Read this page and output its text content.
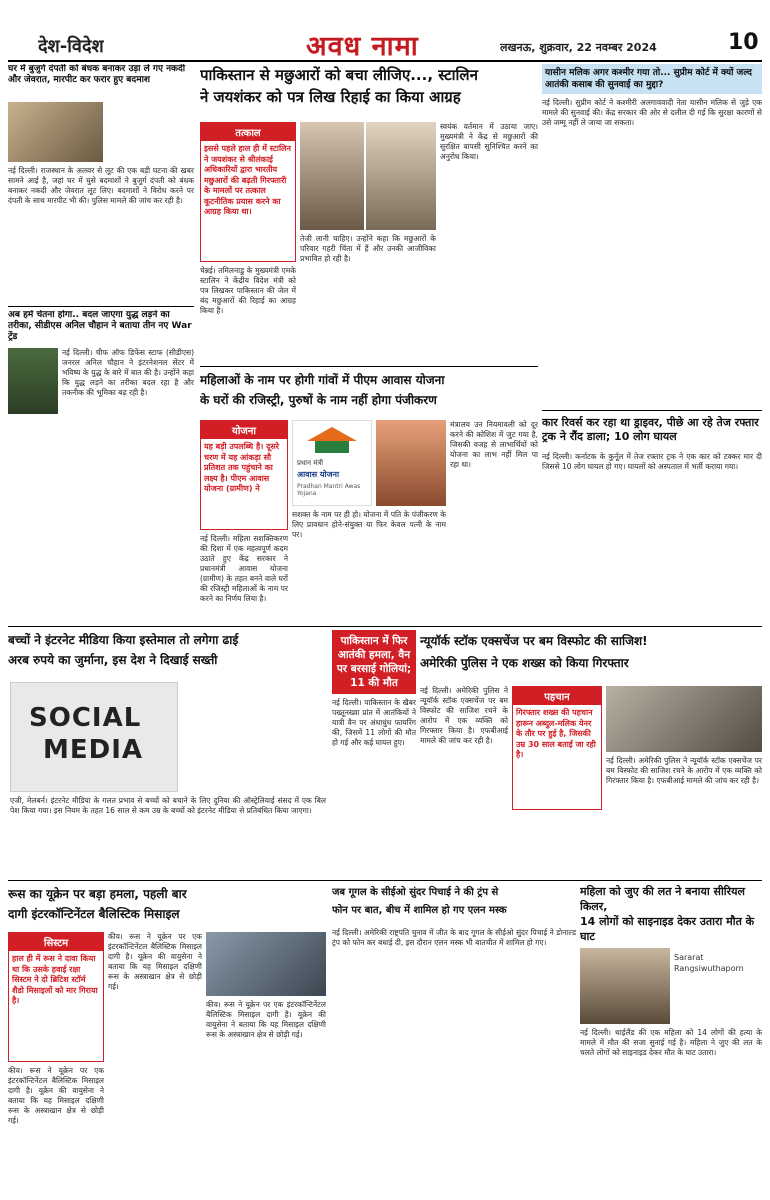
देश-विदेश	अवध नामा	लखनऊ, शुक्रवार, 22 नवम्बर 2024	10
घर में बुजुर्ग दंपती को बंधक बनाकर उड़ा ले गए नकदी और जेवरात, मारपीट कर फरार हुए बदमाश
नई दिल्ली। राजस्थान के अलवर से लूट की एक बड़ी घटना की खबर सामने आई है, जहां घर में घुसे बदमाशों ने बुजुर्ग दंपती को बंधक बनाकर नकदी और जेवरात लूट लिए। बदमाशों ने विरोध करने पर दंपती के साथ मारपीट भी की। पुलिस मामले की जांच कर रही है।
अब हमें चेतना होगा.. बदल जाएगा युद्ध लड़ने का तरीका, सीडीएस अनिल चौहान ने बताया तीन नए War ट्रेंड
नई दिल्ली। चीफ ऑफ डिफेंस स्टाफ (सीडीएस) जनरल अनिल चौहान ने इंटरनेशनल सेंटर में भविष्य के युद्ध के बारे में बात की है। उन्होंने कहा कि युद्ध लड़ने का तरीका बदल रहा है और तकनीक की भूमिका बढ़ रही है।
पाकिस्तान से मछुआरों को बचा लीजिए..., स्टालिन
ने जयशंकर को पत्र लिख रिहाई का किया आग्रह
तत्काल
इससे पहले हाल ही में स्टालिन ने जयशंकर से श्रीलंकाई अधिकारियों द्वारा भारतीय मछुआरों की बढ़ती गिरफ्तारी के मामलों पर तत्काल कूटनीतिक प्रयास करने का आग्रह किया था।
चेन्नई। तमिलनाडु के मुख्यमंत्री एमके स्टालिन ने केंद्रीय विदेश मंत्री को पत्र लिखकर पाकिस्तान की जेल में बंद मछुआरों की रिहाई का आग्रह किया है।
तेजी लानी चाहिए। उन्होंने कहा कि मछुआरों के परिवार गहरी चिंता में हैं और उनकी आजीविका प्रभावित हो रही है।
स्वयंक वर्तमान में उठाया जाए। मुख्यमंत्री ने केंद्र से मछुआरों की सुरक्षित वापसी सुनिश्चित करने का अनुरोध किया।
यासीन मलिक अगर कश्मीर गया तो... सुप्रीम कोर्ट में क्यों जल्द आतंकी कसाब की सुनवाई का मुद्दा?
नई दिल्ली। सुप्रीम कोर्ट ने कश्मीरी अलगाववादी नेता यासीन मलिक से जुड़े एक मामले की सुनवाई की। केंद्र सरकार की ओर से दलील दी गई कि सुरक्षा कारणों से उसे जम्मू नहीं ले जाया जा सकता।
कार रिवर्स कर रहा था ड्राइवर, पीछे आ रहे तेज रफ्तार ट्रक ने रौंद डाला; 10 लोग घायल
नई दिल्ली। कर्नाटक के कुर्नूल में तेज रफ्तार ट्रक ने एक कार को टक्कर मार दी जिससे 10 लोग घायल हो गए। घायलों को अस्पताल में भर्ती कराया गया।
महिलाओं के नाम पर होगी गांवों में पीएम आवास योजना
के घरों की रजिस्ट्री, पुरुषों के नाम नहीं होगा पंजीकरण
योजना
यह बड़ी उपलब्धि है। दूसरे चरण में यह आंकड़ा सौ प्रतिशत तक पहुंचाने का लक्ष्य है। पीएम आवास योजना (ग्रामीण) ने
नई दिल्ली। महिला सशक्तिकरण की दिशा में एक महत्वपूर्ण कदम उठाते हुए केंद्र सरकार ने प्रधानमंत्री आवास योजना (ग्रामीण) के तहत बनने वाले घरों की रजिस्ट्री महिलाओं के नाम पर करने का निर्णय लिया है।
प्रधान मंत्री
आवास योजना
Pradhan Mantri Awas Yojana
सशक्त के नाम पर ही हो। योजना में पति के पंजीकरण के लिए प्रावधान होने-संयुक्त या फिर केवल पत्नी के नाम पर।
मंत्रालय उन नियमावली को दूर करने की कोशिश में जुट गया है, जिसकी वजह से लाभार्थियों को योजना का लाभ नहीं मिल पा रहा था।
बच्चों ने इंटरनेट मीडिया किया इस्तेमाल तो लगेगा ढाई
अरब रुपये का जुर्माना, इस देश ने दिखाई सख्ती
SOCIAL
MEDIA
एजी, मेलबर्न। इंटरनेट मीडिया के गलत प्रभाव से बच्चों को बचाने के लिए दुनिया की ऑस्ट्रेलियाई संसद में एक बिल पेश किया गया। इस नियम के तहत 16 साल से कम उम्र के बच्चों को इंटरनेट मीडिया से प्रतिबंधित किया जाएगा।
पाकिस्तान में फिर आतंकी हमला, वैन पर बरसाई गोलियां; 11 की मौत
नई दिल्ली। पाकिस्तान के खैबर पख्तूनख्वा प्रांत में आतंकियों ने यात्री वैन पर अंधाधुंध फायरिंग की, जिसमें 11 लोगों की मौत हो गई और कई घायल हुए।
न्यूयॉर्क स्टॉक एक्सचेंज पर बम विस्फोट की साजिश!
अमेरिकी पुलिस ने एक शख्स को किया गिरफ्तार
नई दिल्ली। अमेरिकी पुलिस ने न्यूयॉर्क स्टॉक एक्सचेंज पर बम विस्फोट की साजिश रचने के आरोप में एक व्यक्ति को गिरफ्तार किया है। एफबीआई मामले की जांच कर रही है।
पहचान
गिरफ्तार शख्स की पहचान हारून अब्दुल-मलिक येनर के तौर पर हुई है, जिसकी उम्र 30 साल बताई जा रही है।
नई दिल्ली। अमेरिकी पुलिस ने न्यूयॉर्क स्टॉक एक्सचेंज पर बम विस्फोट की साजिश रचने के आरोप में एक व्यक्ति को गिरफ्तार किया है। एफबीआई मामले की जांच कर रही है।
रूस का यूक्रेन पर बड़ा हमला, पहली बार
दागी इंटरकॉन्टिनेंटल बैलिस्टिक मिसाइल
सिस्टम
हाल ही में रूस ने दावा किया था कि उसके हवाई रक्षा सिस्टम ने दो ब्रिटिश स्टॉर्म शैडो मिसाइलों को मार गिराया है।
कीव। रूस ने यूक्रेन पर एक इंटरकॉन्टिनेंटल बैलिस्टिक मिसाइल दागी है। यूक्रेन की वायुसेना ने बताया कि यह मिसाइल दक्षिणी रूस के अस्त्राखान क्षेत्र से छोड़ी गई।
कीव। रूस ने यूक्रेन पर एक इंटरकॉन्टिनेंटल बैलिस्टिक मिसाइल दागी है। यूक्रेन की वायुसेना ने बताया कि यह मिसाइल दक्षिणी रूस के अस्त्राखान क्षेत्र से छोड़ी गई।
कीव। रूस ने यूक्रेन पर एक इंटरकॉन्टिनेंटल बैलिस्टिक मिसाइल दागी है। यूक्रेन की वायुसेना ने बताया कि यह मिसाइल दक्षिणी रूस के अस्त्राखान क्षेत्र से छोड़ी गई।
जब गूगल के सीईओ सुंदर पिचाई ने की ट्रंप से
फोन पर बात, बीच में शामिल हो गए एलन मस्क
नई दिल्ली। अमेरिकी राष्ट्रपति चुनाव में जीत के बाद गूगल के सीईओ सुंदर पिचाई ने डोनाल्ड ट्रंप को फोन कर बधाई दी, इस दौरान एलन मस्क भी बातचीत में शामिल हो गए।
महिला को जुए की लत ने बनाया सीरियल किलर,
14 लोगों को साइनाइड देकर उतारा मौत के घाट
Sararat Rangsiwuthaporn
नई दिल्ली। थाईलैंड की एक महिला को 14 लोगों की हत्या के मामले में मौत की सजा सुनाई गई है। महिला ने जुए की लत के चलते लोगों को साइनाइड देकर मौत के घाट उतारा।
